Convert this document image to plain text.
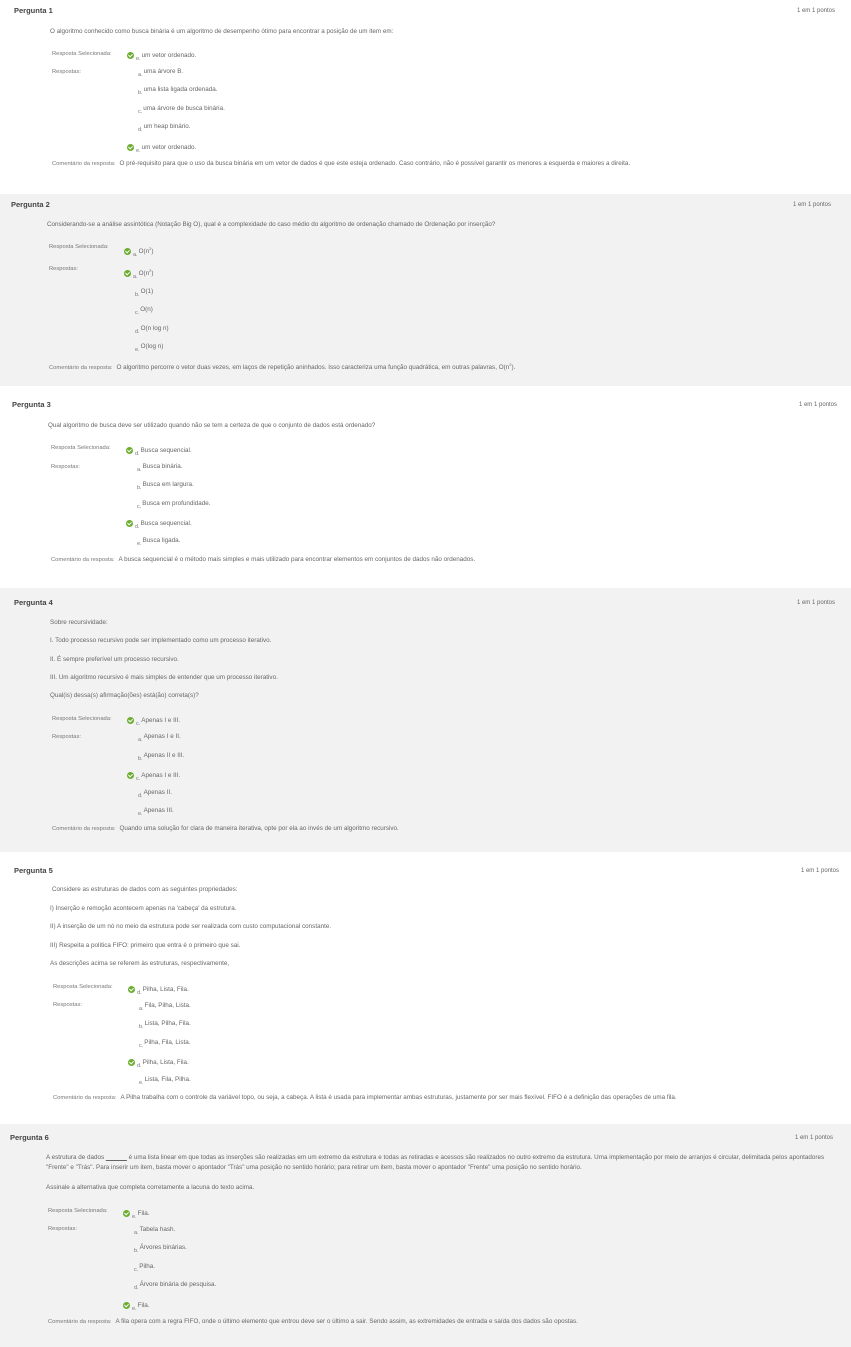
Pergunta 1	1 em 1 pontos
O algoritmo conhecido como busca binária é um algoritmo de desempenho ótimo para encontrar a posição de um item em:
Resposta Selecionada:
e.um vetor ordenado.
Respostas:	a.uma árvore B.
b.uma lista ligada ordenada.
c.uma árvore de busca binária.
d.um heap binário.
e.um vetor ordenado.
Comentário da resposta: O pré-requisito para que o uso da busca binária em um vetor de dados é que este esteja ordenado. Caso contrário, não é possível garantir os menores a esquerda e maiores a direita.
Pergunta 2	1 em 1 pontos
Considerando-se a análise assintótica (Notação Big O), qual é a complexidade do caso médio do algoritmo de ordenação chamado de Ordenação por inserção?
Resposta Selecionada:
$a.O(n^2)$
Respostas:
$a.O(n^2)$
b.O(1)
c.O(n)
d.O(n log n)
e.O(log n)
Comentário da resposta: O algoritmo percorre o vetor duas vezes, em laços de repetição aninhados. Isso caracteriza uma função quadrática, em outras palavras, $O(n^2)$.
Pergunta 3	1 em 1 pontos
Qual algoritmo de busca deve ser utilizado quando não se tem a certeza de que o conjunto de dados está ordenado?
Resposta Selecionada:
d.Busca sequencial.
Respostas:	a.Busca binária.
b.Busca em largura.
c.Busca em profundidade.
d.Busca sequencial.
e.Busca ligada.
Comentário da resposta: A busca sequencial é o método mais simples e mais utilizado para encontrar elementos em conjuntos de dados não ordenados.
Pergunta 4	1 em 1 pontos
Sobre recursividade:
I. Todo processo recursivo pode ser implementado como um processo iterativo.
II. É sempre preferível um processo recursivo.
III. Um algoritmo recursivo é mais simples de entender que um processo iterativo.
Qual(is) dessa(s) afirmação(ões) está(ão) correta(s)?
Resposta Selecionada:
c.Apenas I e III.
Respostas:	a.Apenas I e II.
b.Apenas II e III.
c.Apenas I e III.
d.Apenas II.
e.Apenas III.
Comentário da resposta: Quando uma solução for clara de maneira iterativa, opte por ela ao invés de um algoritmo recursivo.
Pergunta 5	1 em 1 pontos
Considere as estruturas de dados com as seguintes propriedades:
I) Inserção e remoção acontecem apenas na 'cabeça' da estrutura.
II) A inserção de um nó no meio da estrutura pode ser realizada com custo computacional constante.
III) Respeita a política FIFO: primeiro que entra é o primeiro que sai.
As descrições acima se referem às estruturas, respectivamente,
Resposta Selecionada:
d.Pilha, Lista, Fila.
Respostas:
a.Fila, Pilha, Lista.
b.Lista, Pilha, Fila.
c.Pilha, Fila, Lista.
d.Pilha, Lista, Fila.
e.Lista, Fila, Pilha.
Comentário da resposta: A Pilha trabalha com o controle da variável topo, ou seja, a cabeça. A lista é usada para implementar ambas estruturas, justamente por ser mais flexível. FIFO é a definição das operações de uma fila.
Pergunta 6	1 em 1 pontos
A estrutura de dados ______ é uma lista linear em que todas as inserções são realizadas em um extremo da estrutura e todas as retiradas e acessos são realizados no outro extremo da estrutura. Uma implementação por meio de arranjos é circular, delimitada pelos apontadores "Frente" e "Trás". Para inserir um item, basta mover o apontador "Trás" uma posição no sentido horário; para retirar um item, basta mover o apontador "Frente" uma posição no sentido horário.
Assinale a alternativa que completa corretamente a lacuna do texto acima.
Resposta Selecionada:
e.Fila.
Respostas:
a.Tabela hash.
b.Árvores binárias.
c.Pilha.
d.Árvore binária de pesquisa.
e.Fila.
Comentário da resposta: A fila opera com a regra FIFO, onde o último elemento que entrou deve ser o último a sair. Sendo assim, as extremidades de entrada e saída dos dados são opostas.
